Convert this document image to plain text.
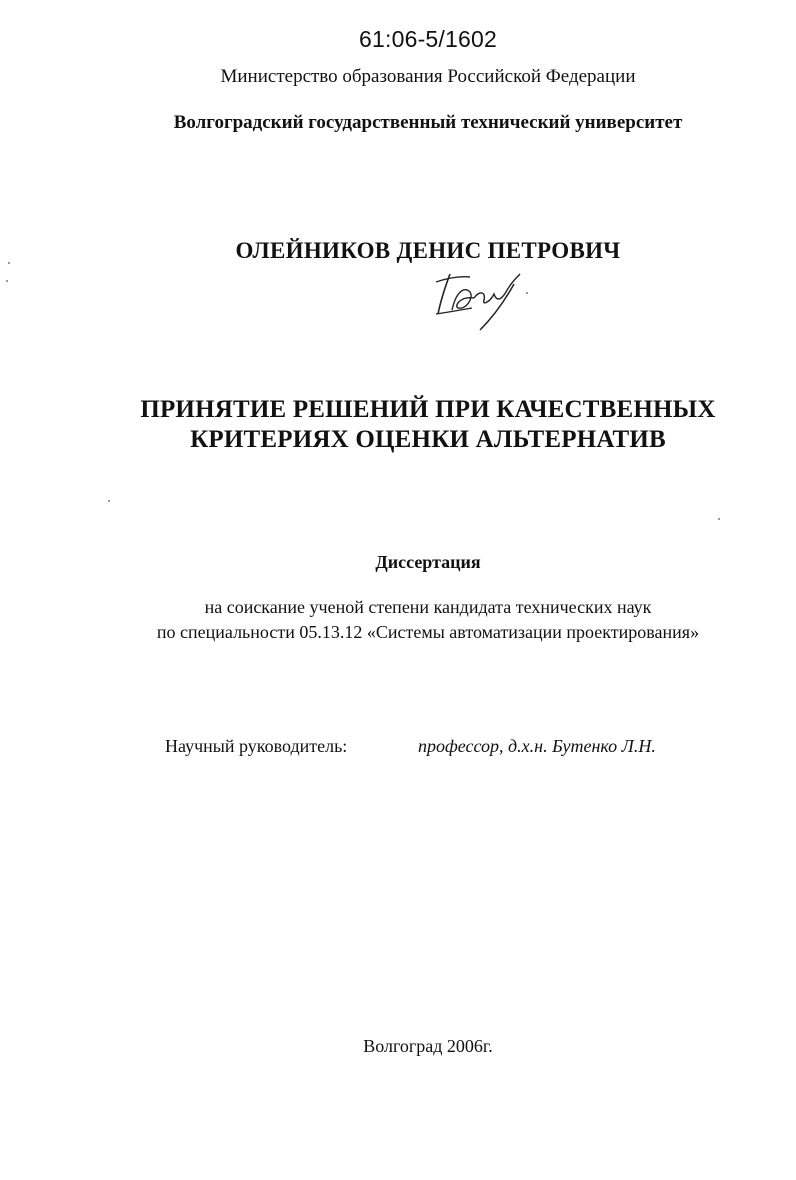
61:06-5/1602
Министерство образования Российской Федерации
Волгоградский государственный технический университет
ОЛЕЙНИКОВ ДЕНИС ПЕТРОВИЧ
ПРИНЯТИЕ РЕШЕНИЙ ПРИ КАЧЕСТВЕННЫХ
КРИТЕРИЯХ ОЦЕНКИ АЛЬТЕРНАТИВ
Диссертация
на соискание ученой степени кандидата технических наук
по специальности 05.13.12 «Системы автоматизации проектирования»
Научный руководитель:	профессор, д.х.н. Бутенко Л.Н.
Волгоград 2006г.
